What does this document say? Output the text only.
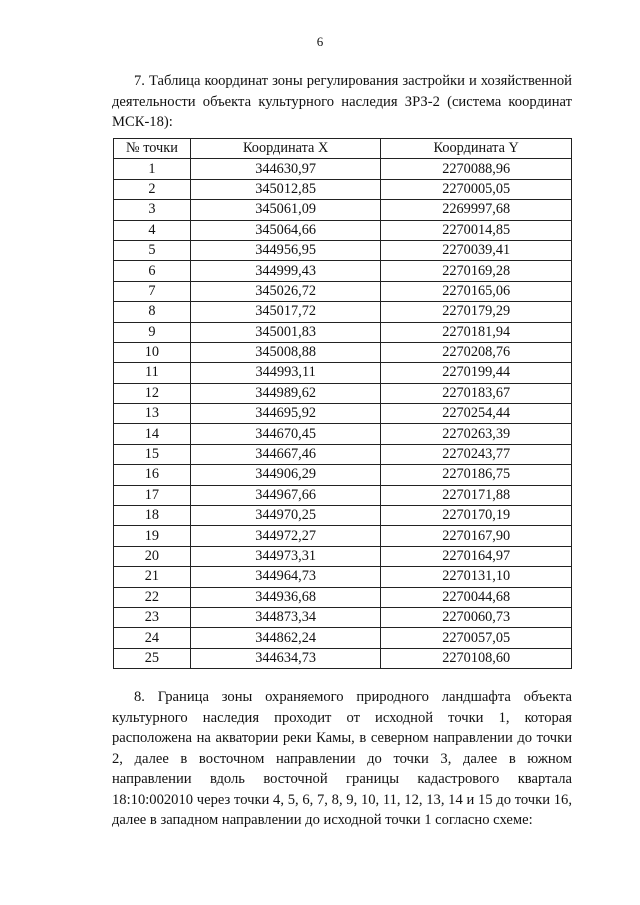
6

7. Таблица координат зоны регулирования застройки и хозяйственной деятельности объекта культурного наследия ЗРЗ-2 (система координат МСК-18):

№ точки	Координата X	Координата Y
1	344630,97	2270088,96
2	345012,85	2270005,05
3	345061,09	2269997,68
4	345064,66	2270014,85
5	344956,95	2270039,41
6	344999,43	2270169,28
7	345026,72	2270165,06
8	345017,72	2270179,29
9	345001,83	2270181,94
10	345008,88	2270208,76
11	344993,11	2270199,44
12	344989,62	2270183,67
13	344695,92	2270254,44
14	344670,45	2270263,39
15	344667,46	2270243,77
16	344906,29	2270186,75
17	344967,66	2270171,88
18	344970,25	2270170,19
19	344972,27	2270167,90
20	344973,31	2270164,97
21	344964,73	2270131,10
22	344936,68	2270044,68
23	344873,34	2270060,73
24	344862,24	2270057,05
25	344634,73	2270108,60

8. Граница зоны охраняемого природного ландшафта объекта культурного наследия проходит от исходной точки 1, которая расположена на акватории реки Камы, в северном направлении до точки 2, далее в восточном направлении до точки 3, далее в южном направлении вдоль восточной границы кадастрового квартала 18:10:002010 через точки 4, 5, 6, 7, 8, 9, 10, 11, 12, 13, 14 и 15 до точки 16, далее в западном направлении до исходной точки 1 согласно схеме:
